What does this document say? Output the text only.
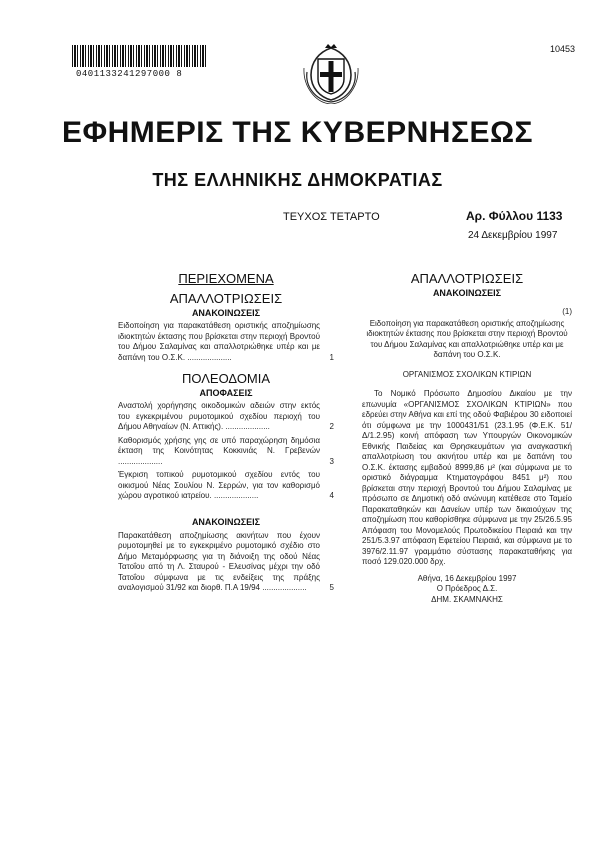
0401133241297000 8
10453
ΕΦΗΜΕΡΙΣ ΤΗΣ ΚΥΒΕΡΝΗΣΕΩΣ
ΤΗΣ ΕΛΛΗΝΙΚΗΣ ΔΗΜΟΚΡΑΤΙΑΣ
ΤΕΥΧΟΣ ΤΕΤΑΡΤΟ	Αρ. Φύλλου 1133
24 Δεκεμβρίου 1997
ΠΕΡΙΕΧΟΜΕΝΑ
ΑΠΑΛΛΟΤΡΙΩΣΕΙΣ
ΑΝΑΚΟΙΝΩΣΕΙΣ
Ειδοποίηση για παρακατάθεση οριστικής αποζημίωσης ιδιοκτητών έκτασης που βρίσκεται στην περιοχή Βροντού του Δήμου Σαλαμίνας και απαλλοτριώθηκε υπέρ και με δαπάνη του Ο.Σ.Κ. ....................	1
ΠΟΛΕΟΔΟΜΙΑ
ΑΠΟΦΑΣΕΙΣ
Αναστολή χορήγησης οικοδομικών αδειών στην εκτός του εγκεκριμένου ρυμοτομικού σχεδίου περιοχή του Δήμου Αθηναίων (Ν. Αττικής). ....................	2
Καθορισμός χρήσης γης σε υπό παραχώρηση δημόσια έκταση της Κοινότητας Κοκκινιάς Ν. Γρεβενών ....................	3
Έγκριση τοπικού ρυμοτομικού σχεδίου εντός του οικισμού Νέας Σουλίου Ν. Σερρών, για τον καθορισμό χώρου αγροτικού ιατρείου. ....................	4
ΑΝΑΚΟΙΝΩΣΕΙΣ
Παρακατάθεση αποζημίωσης ακινήτων που έχουν ρυμοτομηθεί με το εγκεκριμένο ρυμοτομικό σχέδιο στο Δήμο Μεταμόρφωσης για τη διάνοιξη της οδού Νέας Τατοΐου από τη Λ. Σταυρού - Ελευσίνας μέχρι την οδό Τατοΐου σύμφωνα με τις ενδείξεις της πράξης αναλογισμού 31/92 και διορθ. Π.Α 19/94 ....................	5
ΑΠΑΛΛΟΤΡΙΩΣΕΙΣ
ΑΝΑΚΟΙΝΩΣΕΙΣ
(1)
Ειδοποίηση για παρακατάθεση οριστικής αποζημίωσης ιδιοκτητών έκτασης που βρίσκεται στην περιοχή Βροντού του Δήμου Σαλαμίνας και απαλλοτριώθηκε υπέρ και με δαπάνη του Ο.Σ.Κ.
ΟΡΓΑΝΙΣΜΟΣ ΣΧΟΛΙΚΩΝ ΚΤΙΡΙΩΝ
Το Νομικό Πρόσωπο Δημοσίου Δικαίου με την επωνυμία «ΟΡΓΑΝΙΣΜΟΣ ΣΧΟΛΙΚΩΝ ΚΤΙΡΙΩΝ» που εδρεύει στην Αθήνα και επί της οδού Φαβιέρου 30 ειδοποιεί ότι σύμφωνα με την 1000431/51 (23.1.95 (Φ.Ε.Κ. 51/Δ/1.2.95) κοινή απόφαση των Υπουργών Οικονομικών Εθνικής Παιδείας και Θρησκευμάτων για αναγκαστική απαλλοτρίωση του ακινήτου υπέρ και με δαπάνη του Ο.Σ.Κ. έκτασης εμβαδού 8999,86 μ² (και σύμφωνα με το οριστικό διάγραμμα Κτηματογράφου 8451 μ²) που βρίσκεται στην περιοχή Βροντού του Δήμου Σαλαμίνας με πρόσωπο σε Δημοτική οδό ανώνυμη κατέθεσε στο Ταμείο Παρακαταθηκών και Δανείων υπέρ των δικαιούχων της αποζημίωση που καθορίσθηκε σύμφωνα με την 25/26.5.95 Απόφαση του Μονομελούς Πρωτοδικείου Πειραιά και την 251/5.3.97 απόφαση Εφετείου Πειραιά, και σύμφωνα με το 3976/2.11.97 γραμμάτιο σύστασης παρακαταθήκης για ποσό 129.020.000 δρχ.
Αθήνα, 16 Δεκεμβρίου 1997
Ο Πρόεδρος Δ.Σ.
ΔΗΜ. ΣΚΑΜΝΑΚΗΣ
